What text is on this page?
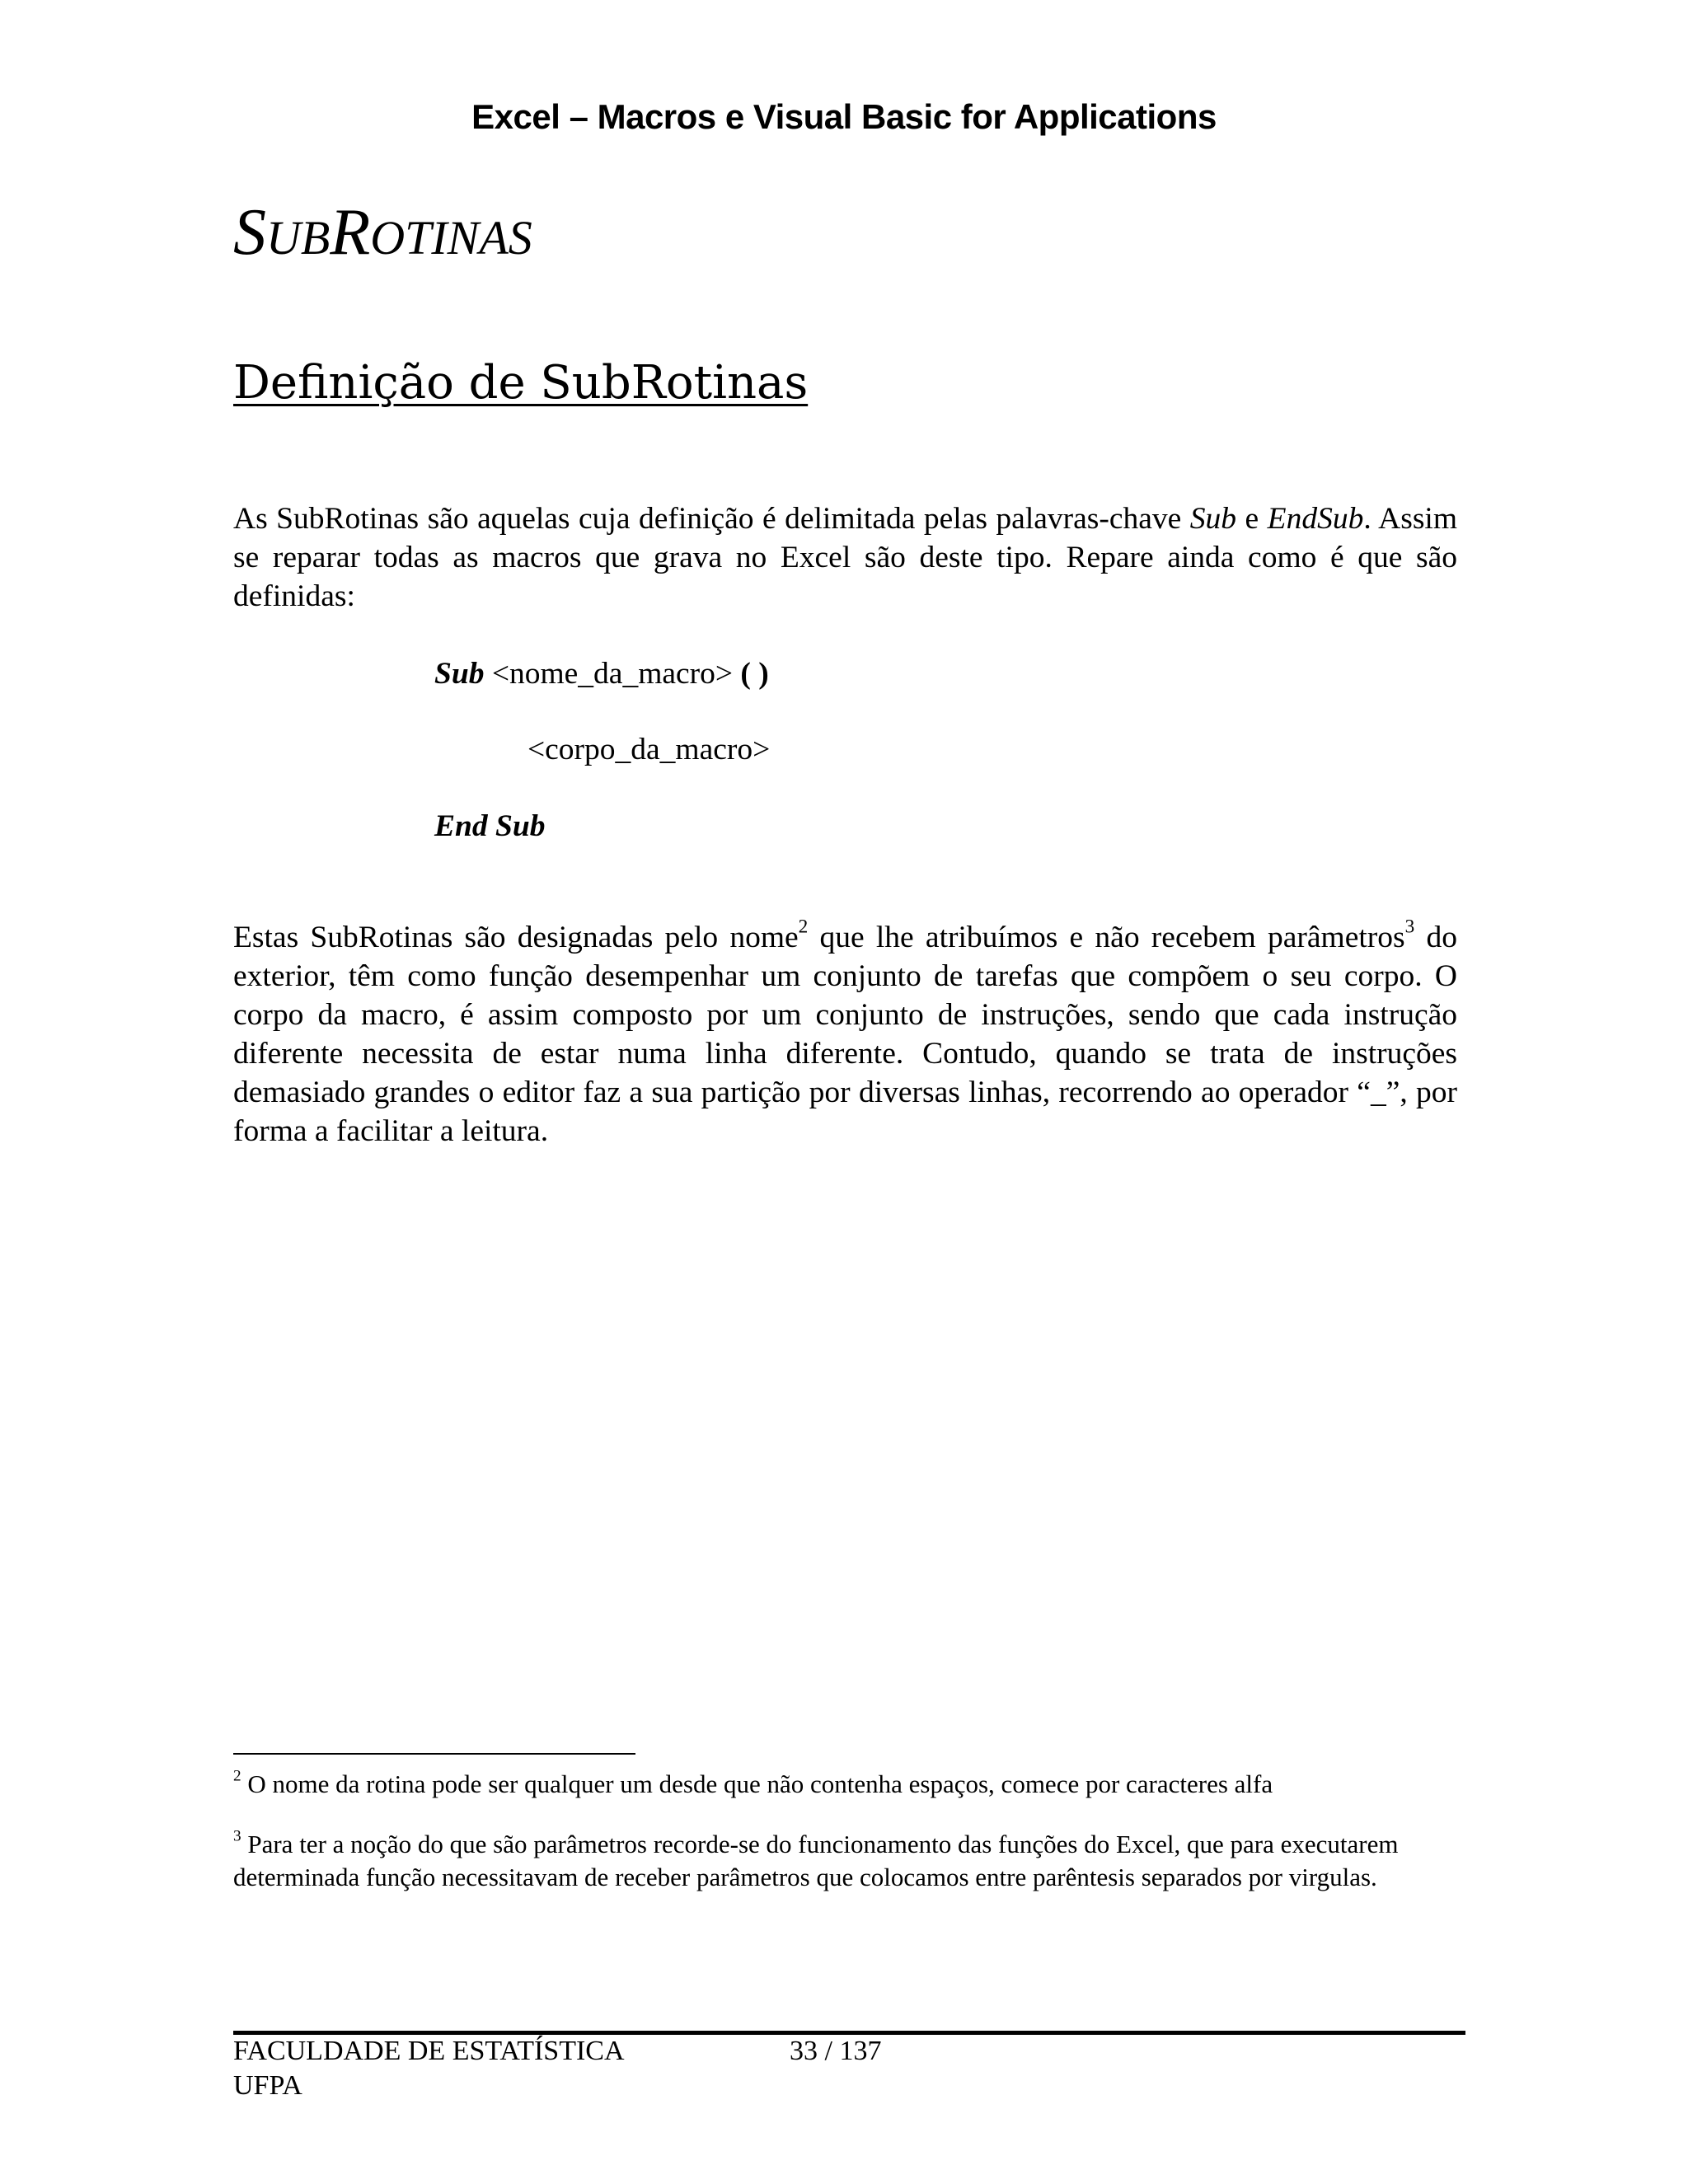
Excel – Macros e Visual Basic for Applications
SUBROTINAS
Definição de SubRotinas
As SubRotinas são aquelas cuja definição é delimitada pelas palavras-chave Sub e EndSub. Assim se reparar todas as macros que grava no Excel são deste tipo. Repare ainda como é que são definidas:
Sub <nome_da_macro> ( )
<corpo_da_macro>
End Sub
Estas SubRotinas são designadas pelo nome$^2$ que lhe atribuímos e não recebem parâmetros$^3$ do exterior, têm como função desempenhar um conjunto de tarefas que compõem o seu corpo. O corpo da macro, é assim composto por um conjunto de instruções, sendo que cada instrução diferente necessita de estar numa linha diferente. Contudo, quando se trata de instruções demasiado grandes o editor faz a sua partição por diversas linhas, recorrendo ao operador “_”, por forma a facilitar a leitura.
$^2$ O nome da rotina pode ser qualquer um desde que não contenha espaços, comece por caracteres alfa
$^3$ Para ter a noção do que são parâmetros recorde-se do funcionamento das funções do Excel, que para executarem determinada função necessitavam de receber parâmetros que colocamos entre parêntesis separados por virgulas.
FACULDADE DE ESTATÍSTICA
UFPA
33 / 137
